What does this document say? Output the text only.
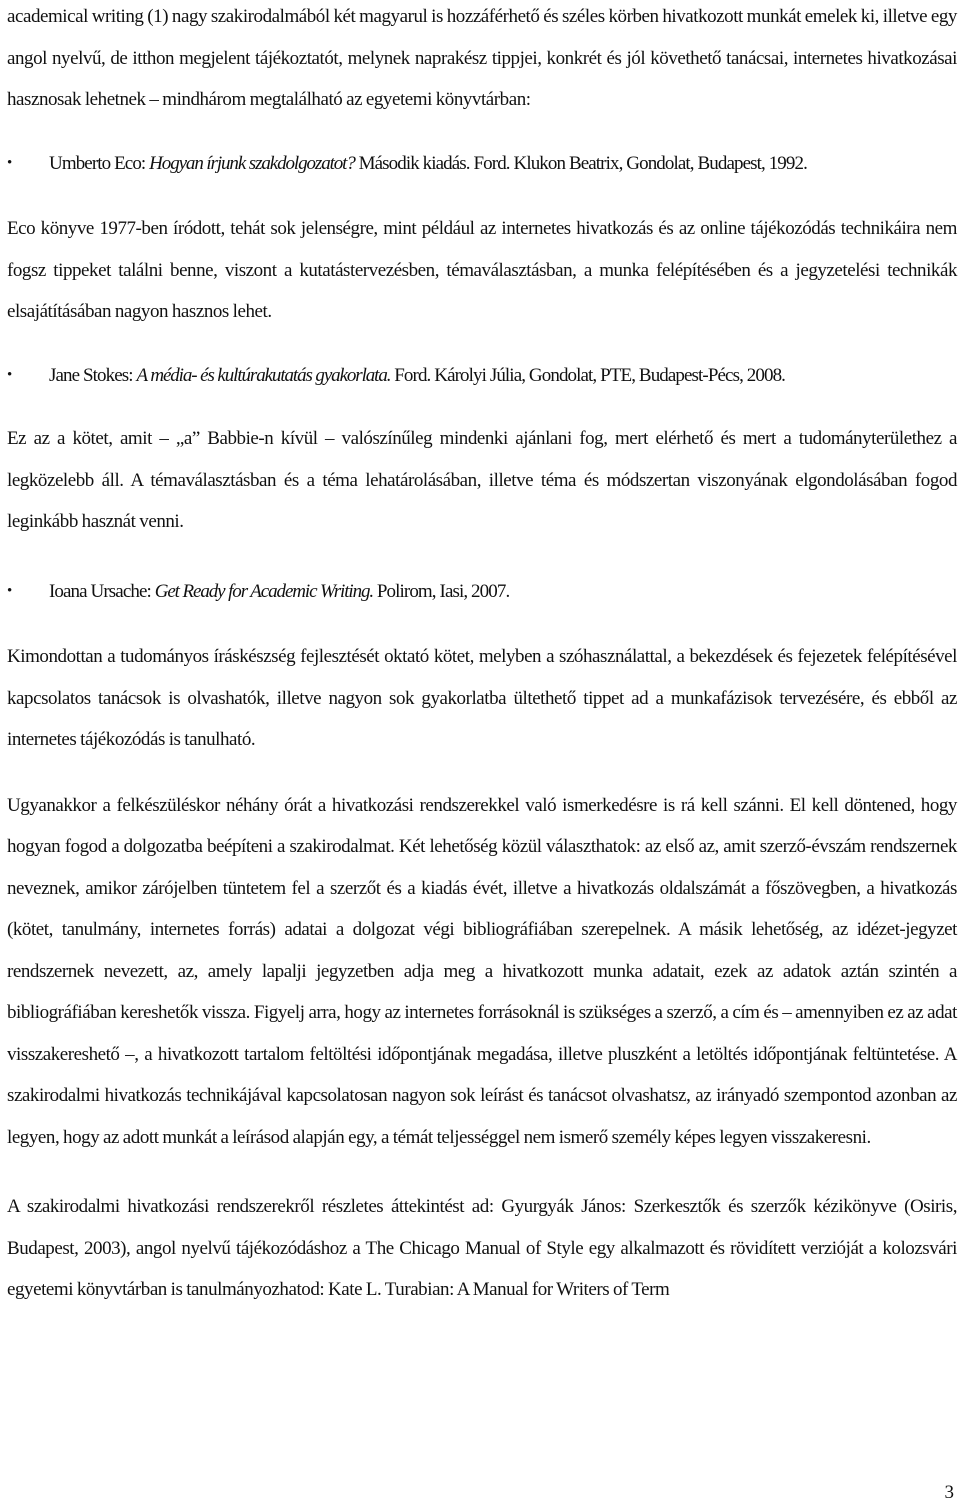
academical writing (1) nagy szakirodalmából két magyarul is hozzáférhető és széles körben hivatkozott munkát emelek ki, illetve egy angol nyelvű, de itthon megjelent tájékoztatót, melynek naprakész tippjei, konkrét és jól követhető tanácsai, internetes hivatkozásai hasznosak lehetnek – mindhárom megtalálható az egyetemi könyvtárban:

• Umberto Eco: Hogyan írjunk szakdolgozatot? Második kiadás. Ford. Klukon Beatrix, Gondolat, Budapest, 1992.

Eco könyve 1977-ben íródott, tehát sok jelenségre, mint például az internetes hivatkozás és az online tájékozódás technikáira nem fogsz tippeket találni benne, viszont a kutatástervezésben, témaválasztásban, a munka felépítésében és a jegyzetelési technikák elsajátításában nagyon hasznos lehet.

• Jane Stokes: A média- és kultúrakutatás gyakorlata. Ford. Károlyi Júlia, Gondolat, PTE, Budapest-Pécs, 2008.

Ez az a kötet, amit – „a” Babbie-n kívül – valószínűleg mindenki ajánlani fog, mert elérhető és mert a tudományterülethez a legközelebb áll. A témaválasztásban és a téma lehatárolásában, illetve téma és módszertan viszonyának elgondolásában fogod leginkább hasznát venni.

• Ioana Ursache: Get Ready for Academic Writing. Polirom, Iasi, 2007.

Kimondottan a tudományos íráskészség fejlesztését oktató kötet, melyben a szóhasználattal, a bekezdések és fejezetek felépítésével kapcsolatos tanácsok is olvashatók, illetve nagyon sok gyakorlatba ültethető tippet ad a munkafázisok tervezésére, és ebből az internetes tájékozódás is tanulható.

Ugyanakkor a felkészüléskor néhány órát a hivatkozási rendszerekkel való ismerkedésre is rá kell szánni. El kell döntened, hogy hogyan fogod a dolgozatba beépíteni a szakirodalmat. Két lehetőség közül választhatok: az első az, amit szerző-évszám rendszernek neveznek, amikor zárójelben tüntetem fel a szerzőt és a kiadás évét, illetve a hivatkozás oldalszámát a főszövegben, a hivatkozás (kötet, tanulmány, internetes forrás) adatai a dolgozat végi bibliográfiában szerepelnek. A másik lehetőség, az idézet-jegyzet rendszernek nevezett, az, amely lapalji jegyzetben adja meg a hivatkozott munka adatait, ezek az adatok aztán szintén a bibliográfiában kereshetők vissza. Figyelj arra, hogy az internetes forrásoknál is szükséges a szerző, a cím és – amennyiben ez az adat visszakereshető –, a hivatkozott tartalom feltöltési időpontjának megadása, illetve pluszként a letöltés időpontjának feltüntetése. A szakirodalmi hivatkozás technikájával kapcsolatosan nagyon sok leírást és tanácsot olvashatsz, az irányadó szempontod azonban az legyen, hogy az adott munkát a leírásod alapján egy, a témát teljességgel nem ismerő személy képes legyen visszakeresni.

A szakirodalmi hivatkozási rendszerekről részletes áttekintést ad: Gyurgyák János: Szerkesztők és szerzők kézikönyve (Osiris, Budapest, 2003), angol nyelvű tájékozódáshoz a The Chicago Manual of Style egy alkalmazott és rövidített verzióját a kolozsvári egyetemi könyvtárban is tanulmányozhatod: Kate L. Turabian: A Manual for Writers of Term

3
